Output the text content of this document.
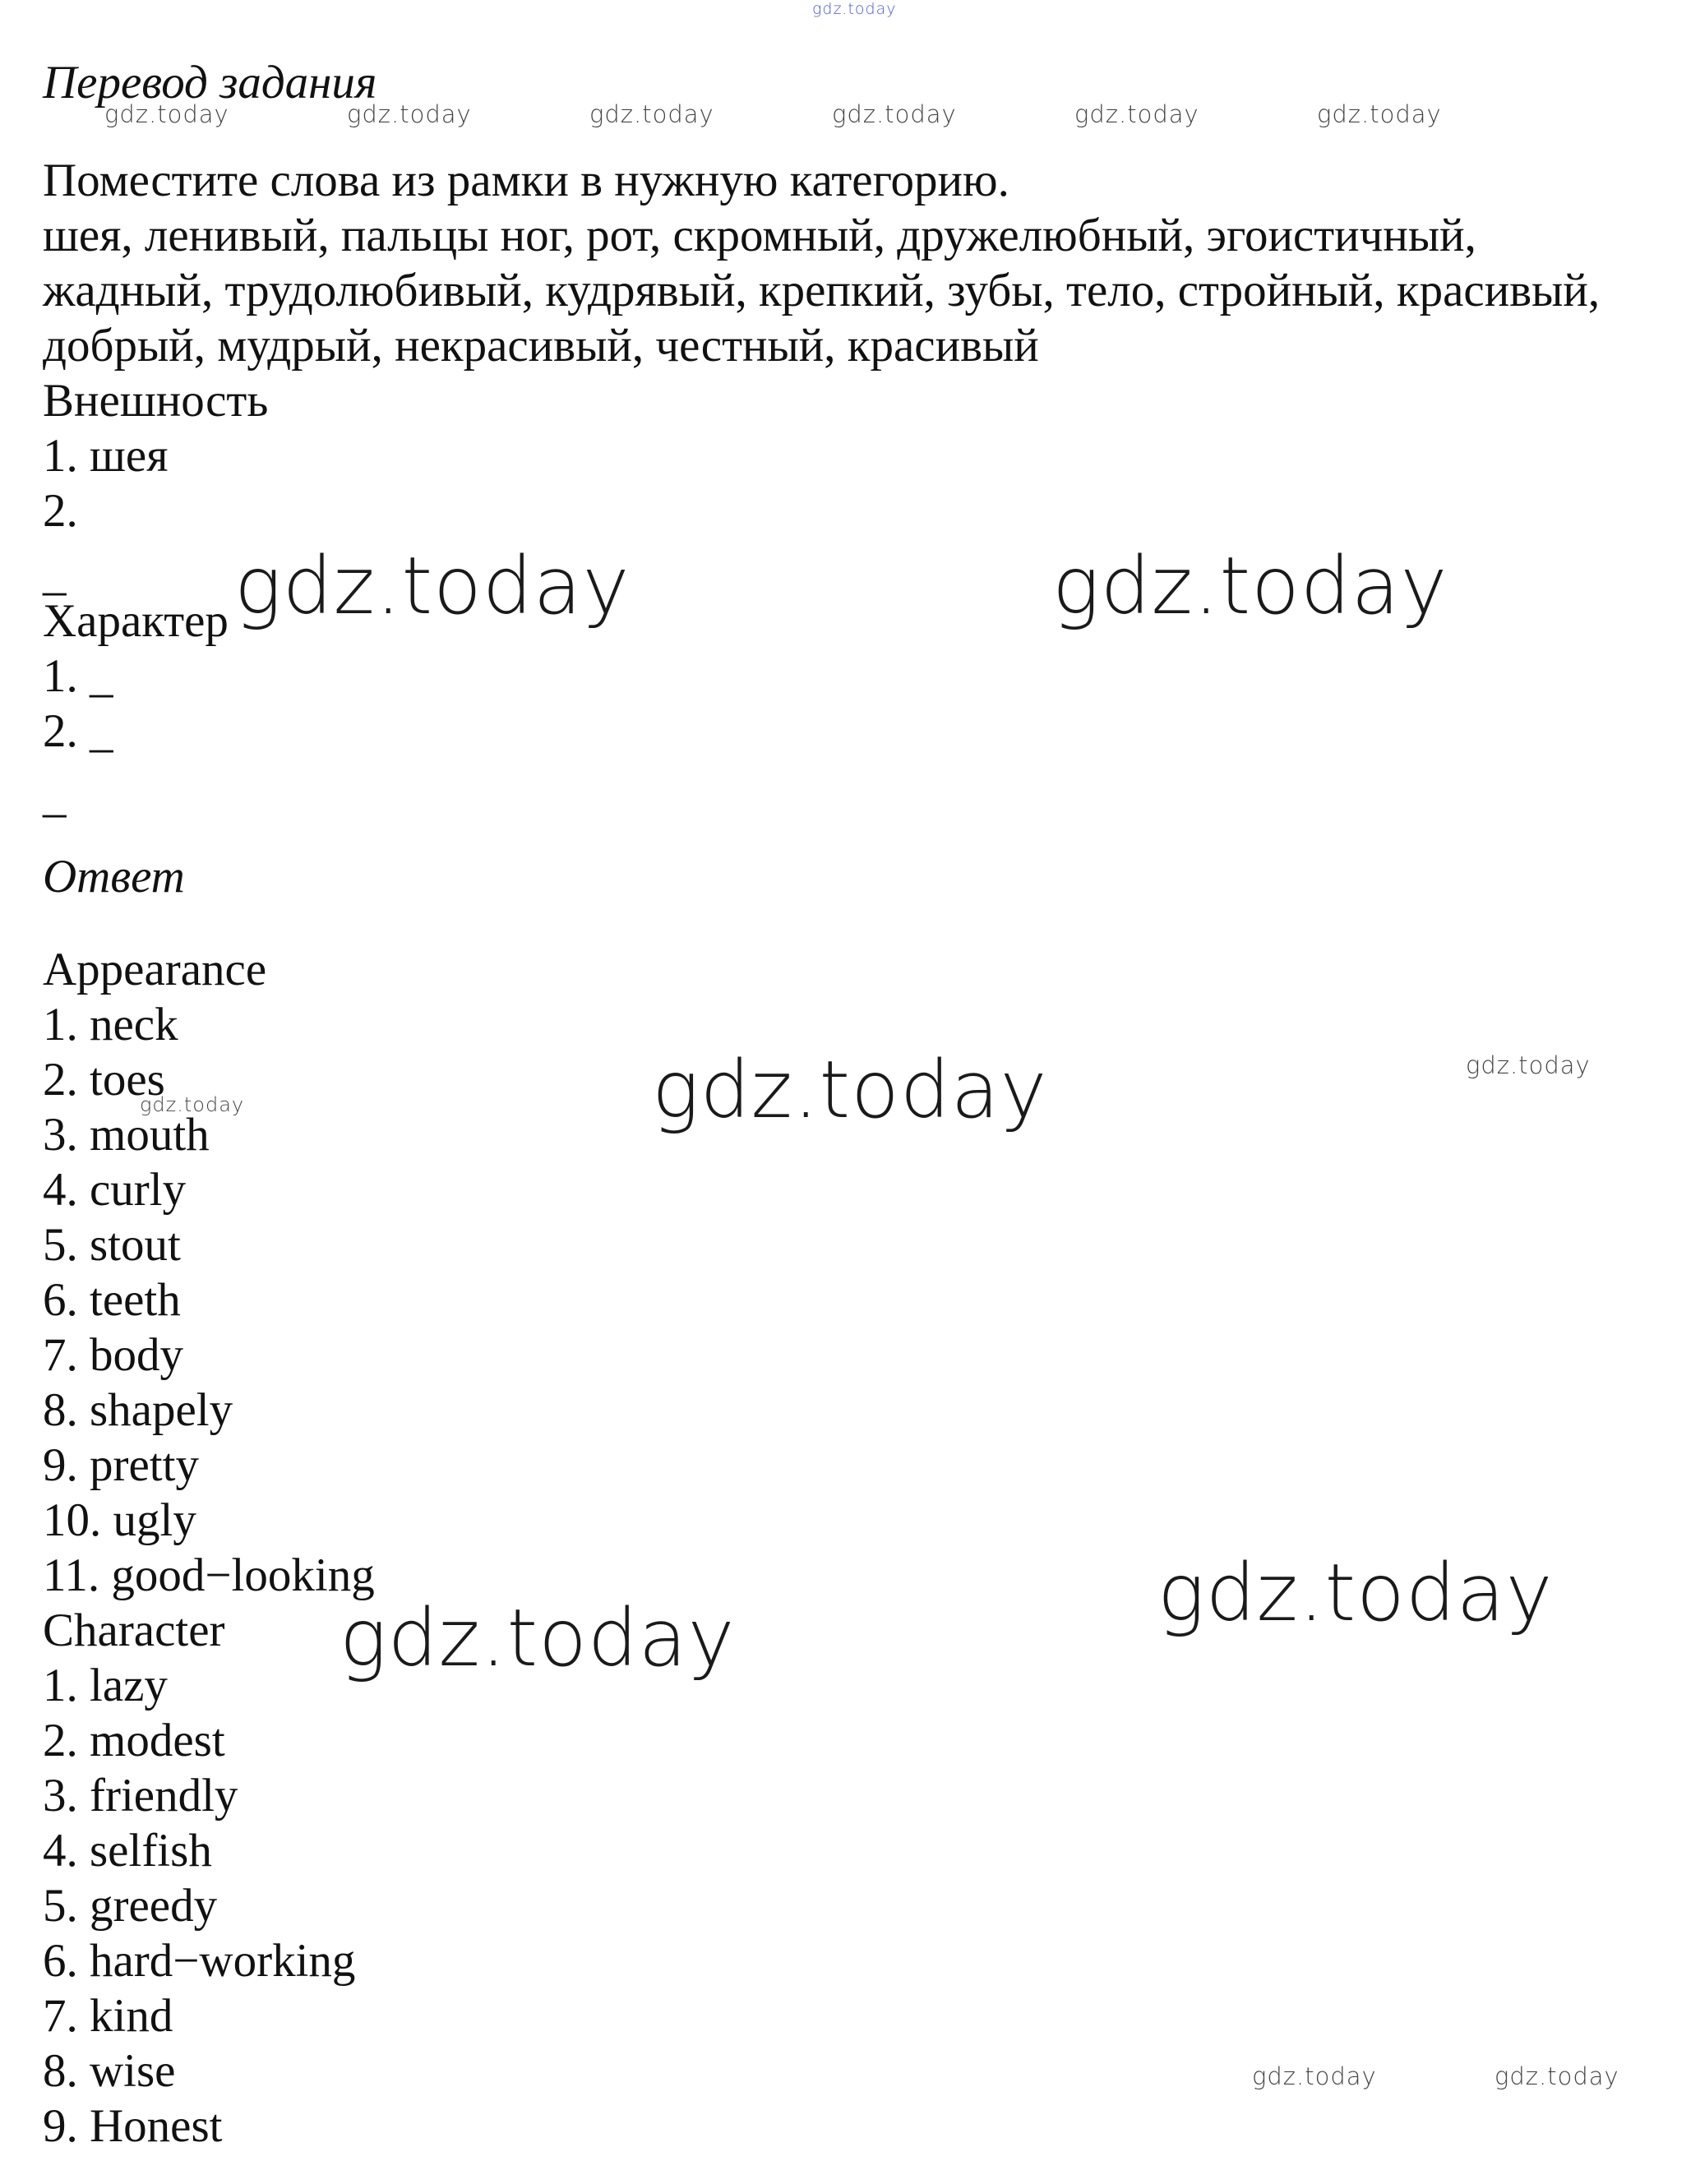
Перевод задания

Поместите слова из рамки в нужную категорию.

шея, ленивый, пальцы ног, рот, скромный, дружелюбный, эгоистичный,

жадный, трудолюбивый, кудрявый, крепкий, зубы, тело, стройный, красивый,

добрый, мудрый, некрасивый, честный, красивый

Внешность

1. шея

2.

_

Характер

1. _

2. _

_

Ответ

Appearance

1. neck

2. toes

3. mouth

4. curly

5. stout

6. teeth

7. body

8. shapely

9. pretty

10. ugly

11. good−looking

Character

1. lazy

2. modest

3. friendly

4. selfish

5. greedy

6. hard−working

7. kind

8. wise

9. Honest

gdz.today
gdz.today	gdz.today	gdz.today	gdz.today	gdz.today	gdz.today
gdz.today	gdz.today
gdz.today	gdz.today
gdz.today
gdz.today
gdz.today
gdz.today	gdz.today
